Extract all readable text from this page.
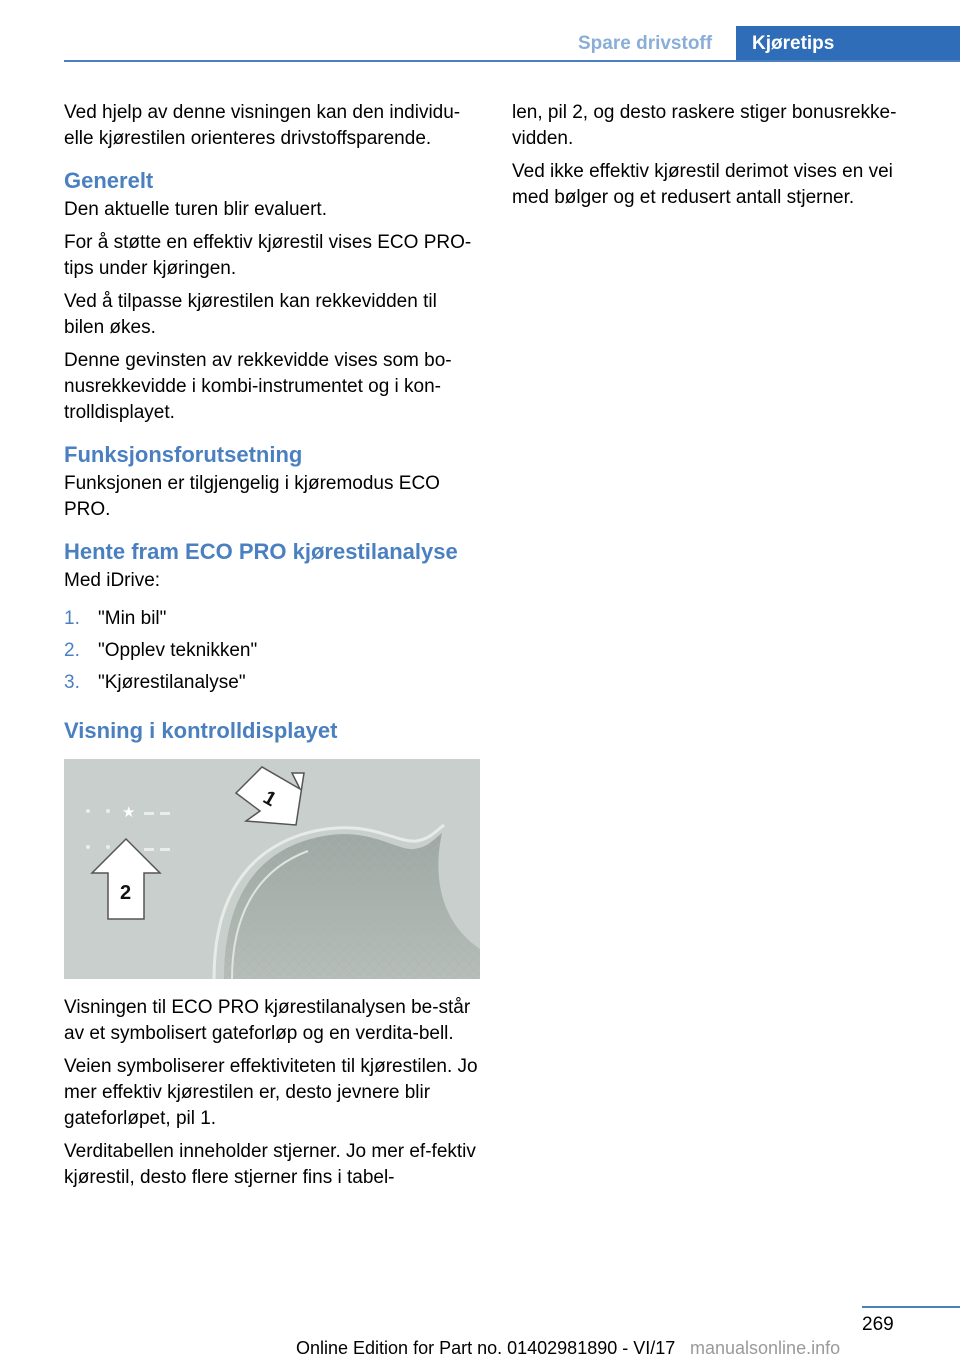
Spare drivstoff	Kjøretips

Ved hjelp av denne visningen kan den individu-elle kjørestilen orienteres drivstoffsparende.

Generelt

Den aktuelle turen blir evaluert.

For å støtte en effektiv kjørestil vises ECO PRO-tips under kjøringen.

Ved å tilpasse kjørestilen kan rekkevidden til bilen økes.

Denne gevinsten av rekkevidde vises som bo-nusrekkevidde i kombi-instrumentet og i kon-trolldisplayet.

Funksjonsforutsetning

Funksjonen er tilgjengelig i kjøremodus ECO PRO.

Hente fram ECO PRO kjørestilanalyse

Med iDrive:

1. "Min bil"
2. "Opplev teknikken"
3. "Kjørestilanalyse"
Visning i kontrolldisplayet
★
1
2

Visningen til ECO PRO kjørestilanalysen be-står av et symbolisert gateforløp og en verdita-bell.

Veien symboliserer effektiviteten til kjørestilen. Jo mer effektiv kjørestilen er, desto jevnere blir gateforløpet, pil 1.

Verditabellen inneholder stjerner. Jo mer ef-fektiv kjørestil, desto flere stjerner fins i tabel-

len, pil 2, og desto raskere stiger bonusrekke-vidden.

Ved ikke effektiv kjørestil derimot vises en vei med bølger og et redusert antall stjerner.

269
Online Edition for Part no. 01402981890 - VI/17 manualsonline.info
